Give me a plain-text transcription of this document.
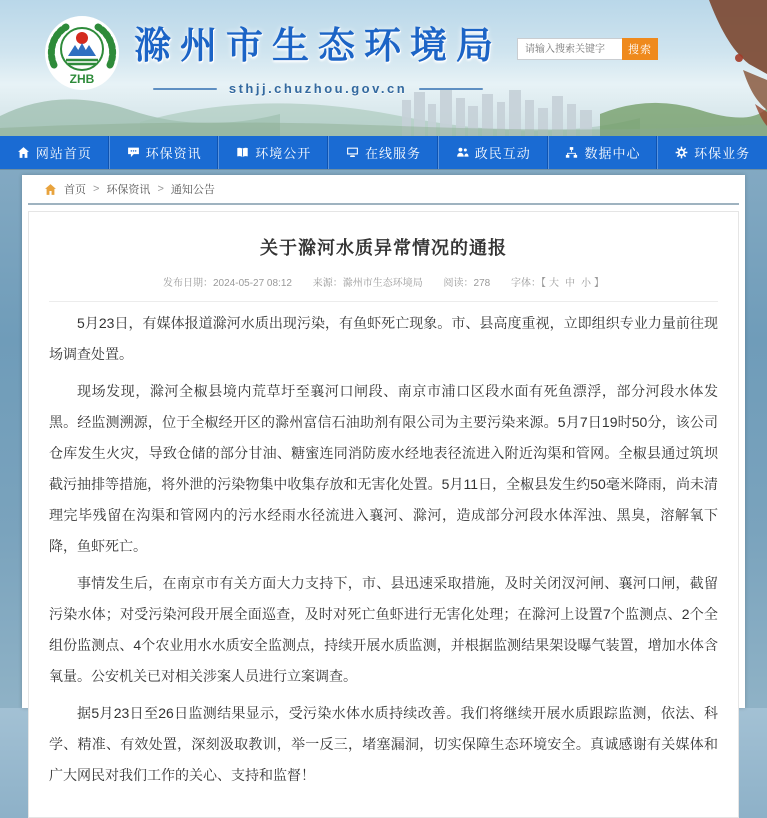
ZHB
滁州市生态环境局
sthjj.chuzhou.gov.cn
请输入搜索关键字
搜索
网站首页	环保资讯	环境公开	在线服务	政民互动	数据中心	环保业务
首页 > 环保资讯 > 通知公告
关于滁河水质异常情况的通报
发布日期：2024-05-27 08:12 来源：滁州市生态环境局 阅读：278 字体：【 大 中 小 】

5月23日，有媒体报道滁河水质出现污染，有鱼虾死亡现象。市、县高度重视，立即组织专业力量前往现场调查处置。

现场发现，滁河全椒县境内荒草圩至襄河口闸段、南京市浦口区段水面有死鱼漂浮，部分河段水体发黑。经监测溯源，位于全椒经开区的滁州富信石油助剂有限公司为主要污染来源。5月7日19时50分，该公司仓库发生火灾，导致仓储的部分甘油、糖蜜连同消防废水经地表径流进入附近沟渠和管网。全椒县通过筑坝截污抽排等措施，将外泄的污染物集中收集存放和无害化处置。5月11日，全椒县发生约50毫米降雨，尚未清理完毕残留在沟渠和管网内的污水经雨水径流进入襄河、滁河，造成部分河段水体浑浊、黑臭，溶解氧下降，鱼虾死亡。

事情发生后，在南京市有关方面大力支持下，市、县迅速采取措施，及时关闭汊河闸、襄河口闸，截留污染水体；对受污染河段开展全面巡查，及时对死亡鱼虾进行无害化处理；在滁河上设置7个监测点、2个全组份监测点、4个农业用水水质安全监测点，持续开展水质监测，并根据监测结果架设曝气装置，增加水体含氧量。公安机关已对相关涉案人员进行立案调查。

据5月23日至26日监测结果显示，受污染水体水质持续改善。我们将继续开展水质跟踪监测，依法、科学、精准、有效处置，深刻汲取教训，举一反三，堵塞漏洞，切实保障生态环境安全。真诚感谢有关媒体和广大网民对我们工作的关心、支持和监督！
